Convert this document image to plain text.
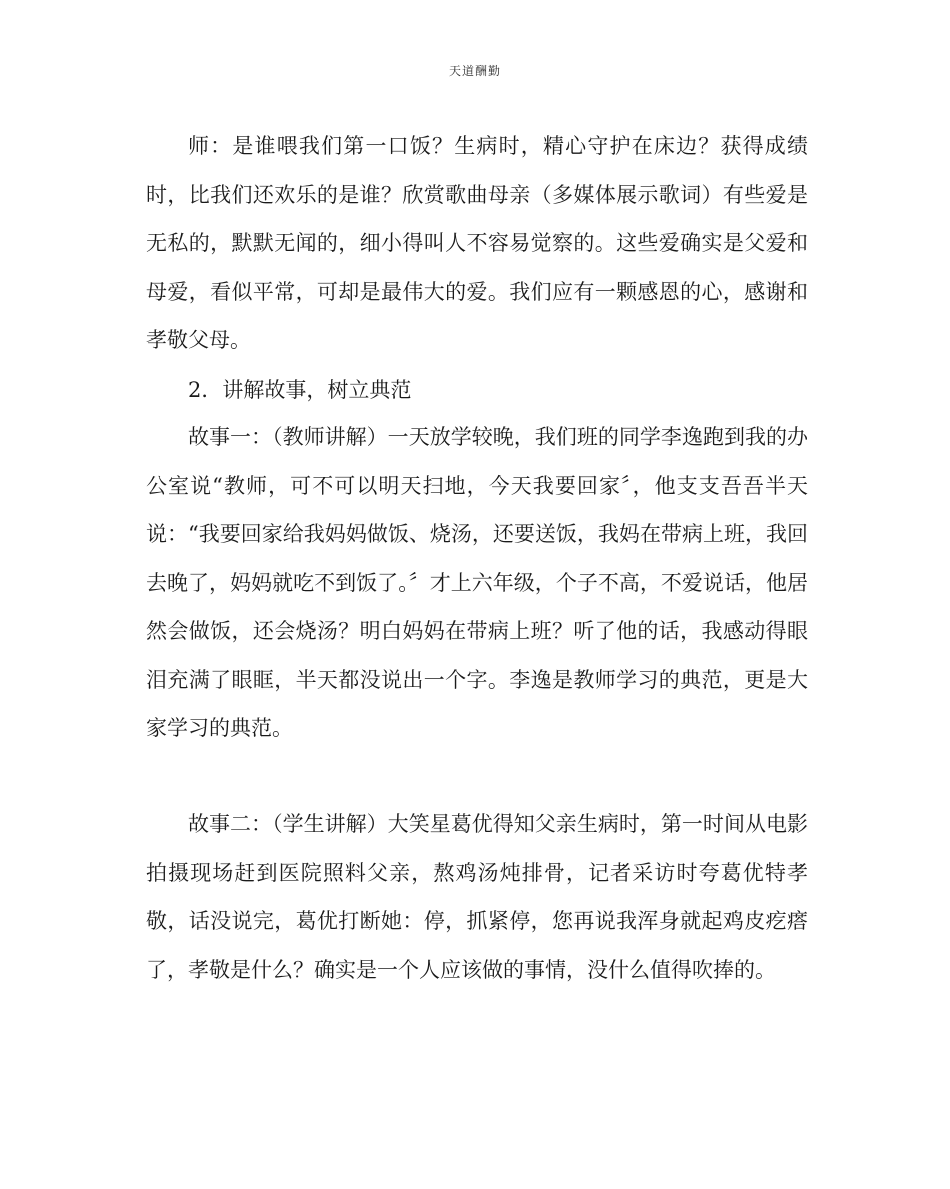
天道酬勤

师：是谁喂我们第一口饭？生病时，精心守护在床边？获得成绩时，比我们还欢乐的是谁？欣赏歌曲母亲（多媒体展示歌词）有些爱是无私的，默默无闻的，细小得叫人不容易觉察的。这些爱确实是父爱和母爱，看似平常，可却是最伟大的爱。我们应有一颗感恩的心，感谢和孝敬父母。

2．讲解故事，树立典范

故事一：（教师讲解）一天放学较晚，我们班的同学李逸跑到我的办公室说“教师，可不可以明天扫地，今天我要回家〞，他支支吾吾半天说：“我要回家给我妈妈做饭、烧汤，还要送饭，我妈在带病上班，我回去晚了，妈妈就吃不到饭了。〞才上六年级，个子不高，不爱说话，他居然会做饭，还会烧汤？明白妈妈在带病上班？听了他的话，我感动得眼泪充满了眼眶，半天都没说出一个字。李逸是教师学习的典范，更是大家学习的典范。

故事二：（学生讲解）大笑星葛优得知父亲生病时，第一时间从电影拍摄现场赶到医院照料父亲，熬鸡汤炖排骨，记者采访时夸葛优特孝敬，话没说完，葛优打断她：停，抓紧停，您再说我浑身就起鸡皮疙瘩了，孝敬是什么？确实是一个人应该做的事情，没什么值得吹捧的。
